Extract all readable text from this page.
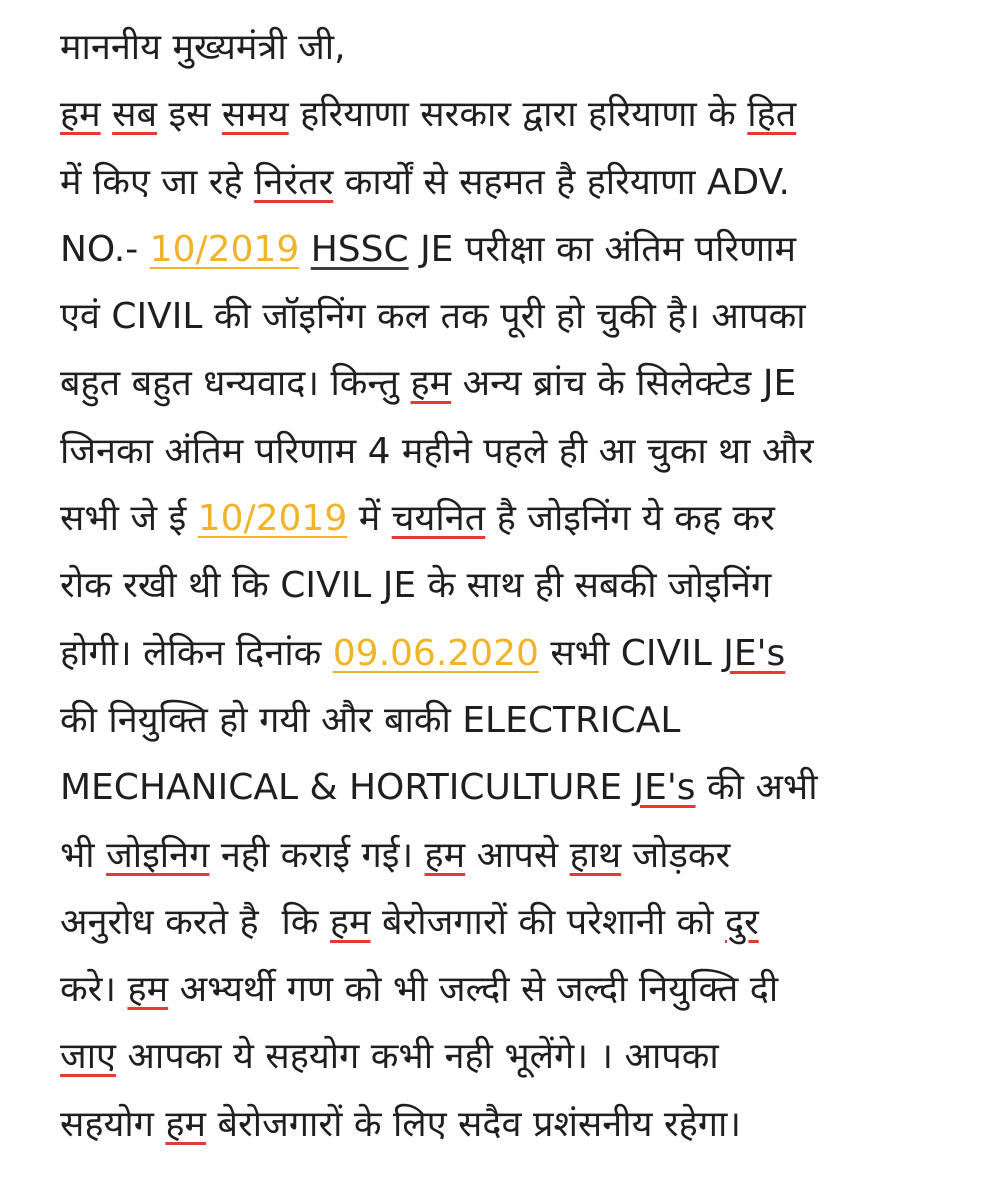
माननीय मुख्यमंत्री जी,
हम सब इस समय हरियाणा सरकार द्वारा हरियाणा के हित
में किए जा रहे निरंतर कार्यों से सहमत है हरियाणा ADV.
NO.- 10/2019 HSSC JE परीक्षा का अंतिम परिणाम
एवं CIVIL की जॉइनिंग कल तक पूरी हो चुकी है। आपका
बहुत बहुत धन्यवाद। किन्तु हम अन्य ब्रांच के सिलेक्टेड JE
जिनका अंतिम परिणाम 4 महीने पहले ही आ चुका था और
सभी जे ई 10/2019 में चयनित है जोइनिंग ये कह कर
रोक रखी थी कि CIVIL JE के साथ ही सबकी जोइनिंग
होगी। लेकिन दिनांक 09.06.2020 सभी CIVIL JE's
की नियुक्ति हो गयी और बाकी ELECTRICAL
MECHANICAL & HORTICULTURE JE's की अभी
भी जोइनिग नही कराई गई। हम आपसे हाथ जोड़कर
अनुरोध करते है  कि हम बेरोजगारों की परेशानी को दुर
करे। हम अभ्यर्थी गण को भी जल्दी से जल्दी नियुक्ति दी
जाए आपका ये सहयोग कभी नही भूलेंगे। । आपका
सहयोग हम बेरोजगारों के लिए सदैव प्रशंसनीय रहेगा।
